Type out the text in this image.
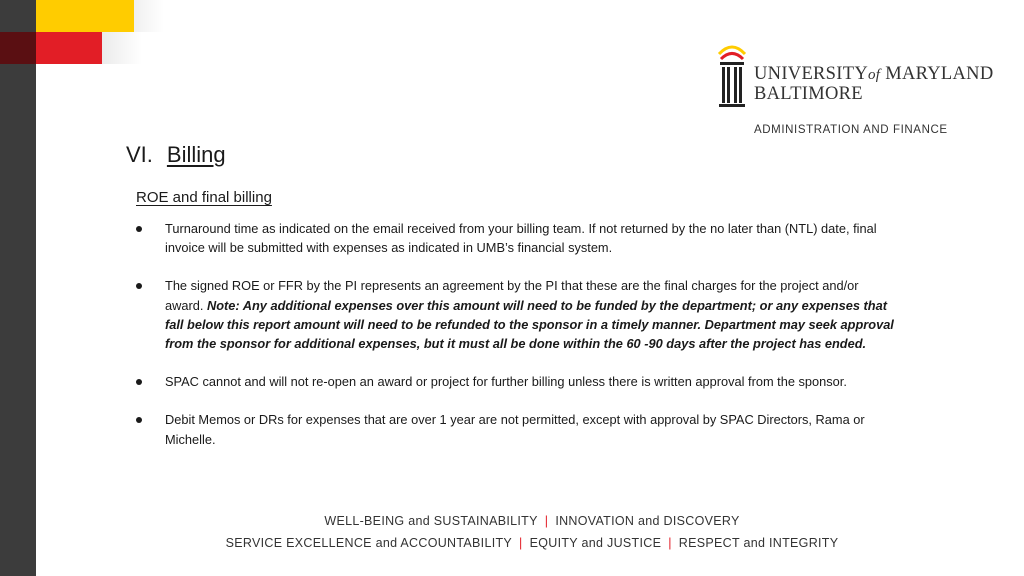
UNIVERSITYof MARYLAND
BALTIMORE
ADMINISTRATION AND FINANCE
VI. Billing
ROE and final billing
Turnaround time as indicated on the email received from your billing team. If not returned by the no later than (NTL) date, final invoice will be submitted with expenses as indicated in UMB’s financial system.
The signed ROE or FFR by the PI represents an agreement by the PI that these are the final charges for the project and/or award. Note: Any additional expenses over this amount will need to be funded by the department; or any expenses that fall below this report amount will need to be refunded to the sponsor in a timely manner. Department may seek approval from the sponsor for additional expenses, but it must all be done within the 60 -90 days after the project has ended.
SPAC cannot and will not re-open an award or project for further billing unless there is written approval from the sponsor.
Debit Memos or DRs for expenses that are over 1 year are not permitted, except with approval by SPAC Directors, Rama or Michelle.
WELL-BEING and SUSTAINABILITY | INNOVATION and DISCOVERY
SERVICE EXCELLENCE and ACCOUNTABILITY | EQUITY and JUSTICE | RESPECT and INTEGRITY
